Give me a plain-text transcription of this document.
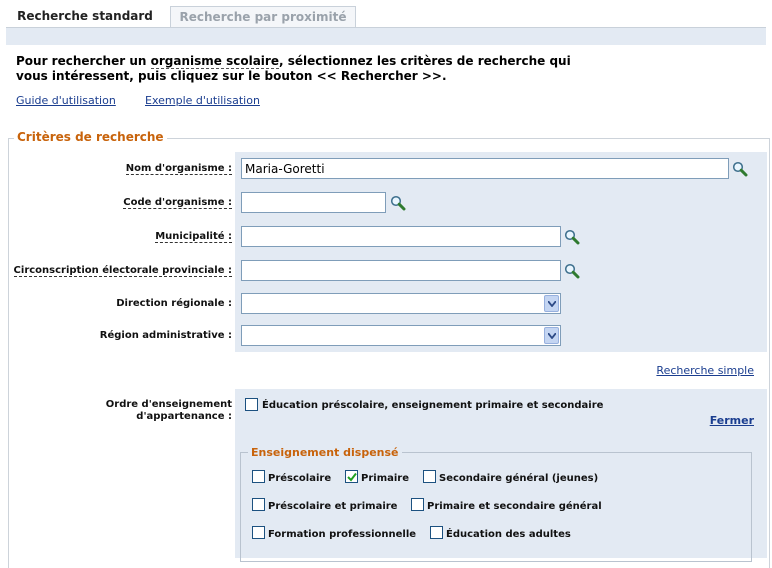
Recherche standard	Recherche par proximité
Pour rechercher un organisme scolaire, sélectionnez les critères de recherche qui vous intéressent, puis cliquez sur le bouton << Rechercher >>.
Guide d'utilisation	Exemple d'utilisation
Critères de recherche
Nom d'organisme :
Maria-Goretti
Code d'organisme :
Municipalité :
Circonscription électorale provinciale :
Direction régionale :
Région administrative :
Recherche simple
Ordre d'enseignement
d'appartenance :
Éducation préscolaire, enseignement primaire et secondaire
Fermer
Enseignement dispensé
Préscolaire	Primaire	Secondaire général (jeunes)
Préscolaire et primaire	Primaire et secondaire général
Formation professionnelle	Éducation des adultes
